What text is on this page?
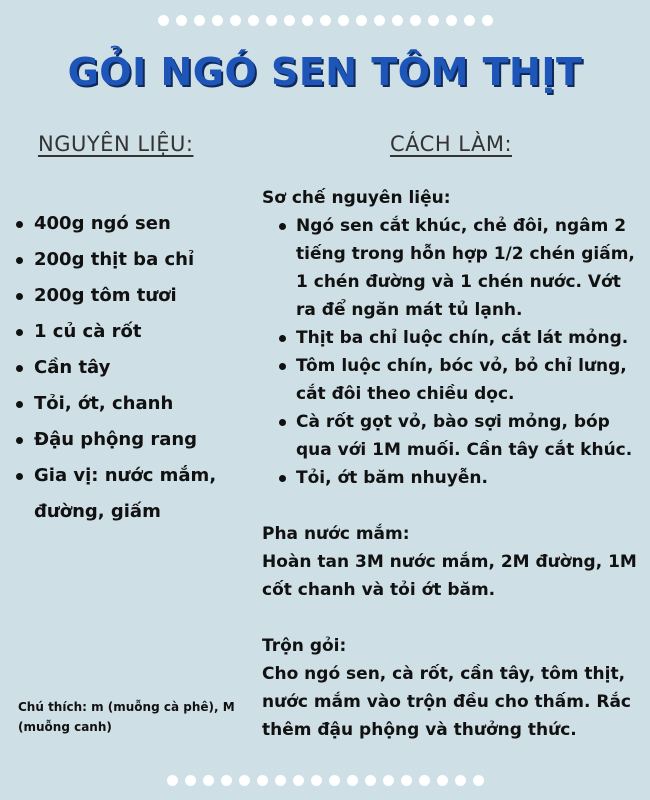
GỎI NGÓ SEN TÔM THỊT
NGUYÊN LIỆU:	CÁCH LÀM:
400g ngó sen
200g thịt ba chỉ
200g tôm tươi
1 củ cà rốt
Cần tây
Tỏi, ớt, chanh
Đậu phộng rang
Gia vị: nước mắm, đường, giấm
Chú thích: m (muỗng cà phê), M (muỗng canh)
Sơ chế nguyên liệu:
Ngó sen cắt khúc, chẻ đôi, ngâm 2 tiếng trong hỗn hợp 1/2 chén giấm, 1 chén đường và 1 chén nước. Vớt ra để ngăn mát tủ lạnh.
Thịt ba chỉ luộc chín, cắt lát mỏng.
Tôm luộc chín, bóc vỏ, bỏ chỉ lưng, cắt đôi theo chiều dọc.
Cà rốt gọt vỏ, bào sợi mỏng, bóp qua với 1M muối. Cần tây cắt khúc.
Tỏi, ớt băm nhuyễn.
Pha nước mắm:
Hoàn tan 3M nước mắm, 2M đường, 1M cốt chanh và tỏi ớt băm.
Trộn gỏi:
Cho ngó sen, cà rốt, cần tây, tôm thịt, nước mắm vào trộn đều cho thấm. Rắc thêm đậu phộng và thưởng thức.
